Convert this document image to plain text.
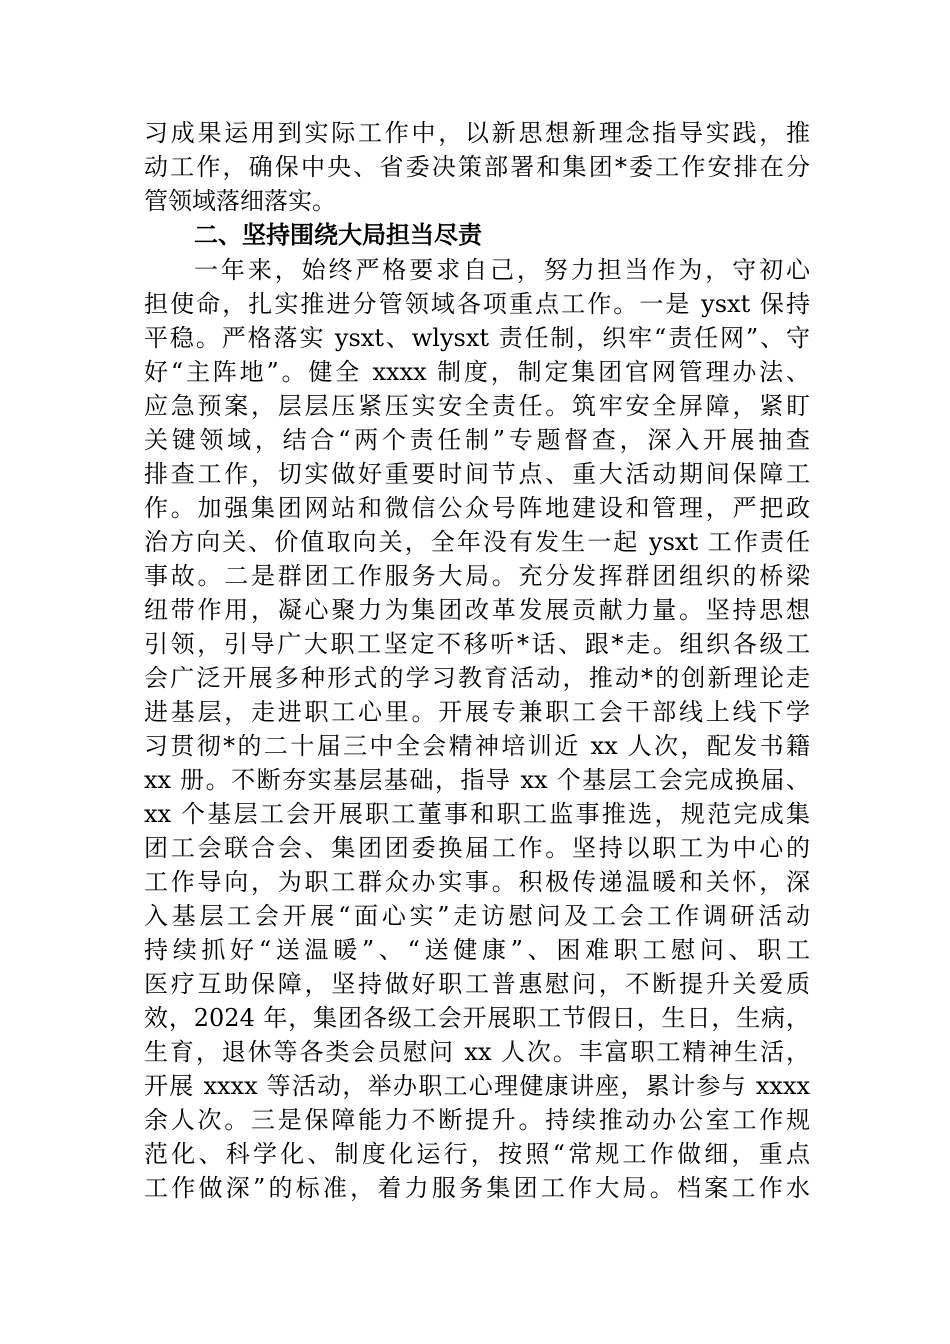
习成果运用到实际工作中，以新思想新理念指导实践，推
动工作，确保中央、省委决策部署和集团*委工作安排在分
管领域落细落实。
二、坚持围绕大局担当尽责
一年来，始终严格要求自己，努力担当作为，守初心
担使命，扎实推进分管领域各项重点工作。一是 ysxt 保持
平稳。严格落实 ysxt、wlysxt 责任制，织牢“责任网”、守
好“主阵地”。健全 xxxx 制度，制定集团官网管理办法、
应急预案，层层压紧压实安全责任。筑牢安全屏障，紧盯
关键领域，结合“两个责任制”专题督查，深入开展抽查
排查工作，切实做好重要时间节点、重大活动期间保障工
作。加强集团网站和微信公众号阵地建设和管理，严把政
治方向关、价值取向关，全年没有发生一起 ysxt 工作责任
事故。二是群团工作服务大局。充分发挥群团组织的桥梁
纽带作用，凝心聚力为集团改革发展贡献力量。坚持思想
引领，引导广大职工坚定不移听*话、跟*走。组织各级工
会广泛开展多种形式的学习教育活动，推动*的创新理论走
进基层，走进职工心里。开展专兼职工会干部线上线下学
习贯彻*的二十届三中全会精神培训近 xx 人次，配发书籍
xx 册。不断夯实基层基础，指导 xx 个基层工会完成换届、
xx 个基层工会开展职工董事和职工监事推选，规范完成集
团工会联合会、集团团委换届工作。坚持以职工为中心的
工作导向，为职工群众办实事。积极传递温暖和关怀，深
入基层工会开展“面心实”走访慰问及工会工作调研活动
持续抓好“送温暖”、“送健康”、困难职工慰问、职工
医疗互助保障，坚持做好职工普惠慰问，不断提升关爱质
效，2024 年，集团各级工会开展职工节假日，生日，生病，
生育，退休等各类会员慰问 xx 人次。丰富职工精神生活，
开展 xxxx 等活动，举办职工心理健康讲座，累计参与 xxxx
余人次。三是保障能力不断提升。持续推动办公室工作规
范化、科学化、制度化运行，按照“常规工作做细，重点
工作做深”的标准，着力服务集团工作大局。档案工作水
